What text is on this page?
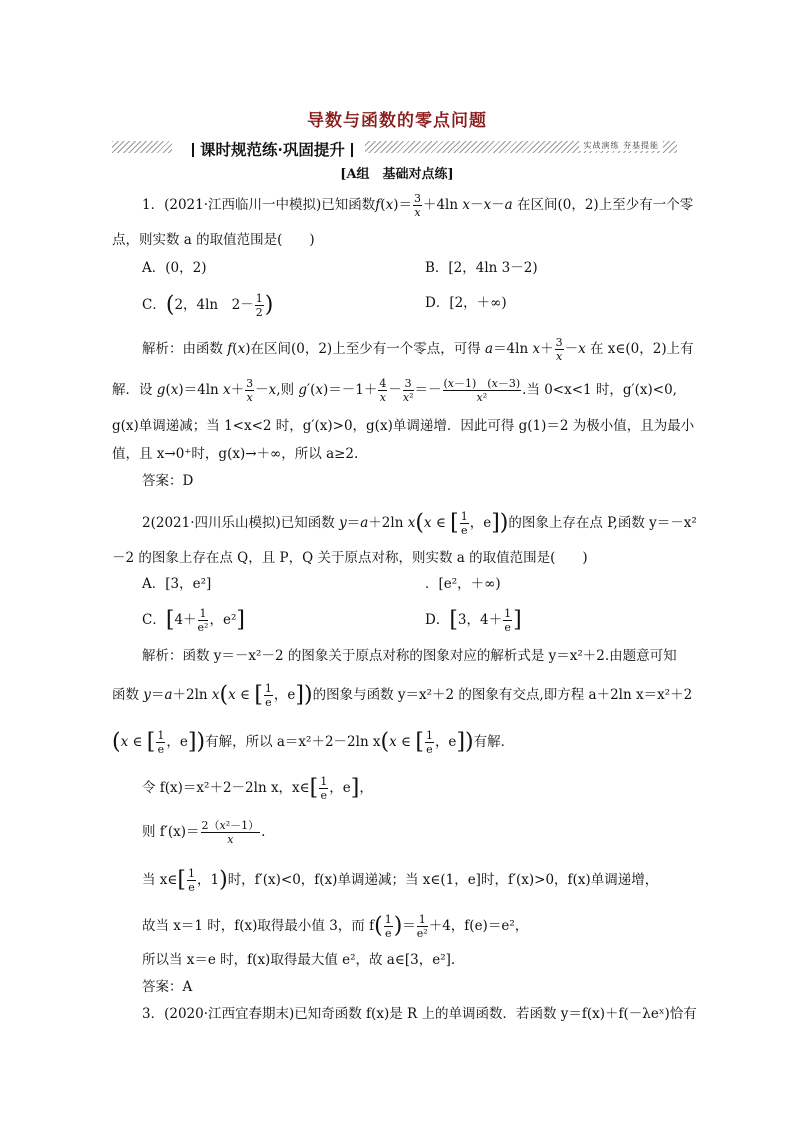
导数与函数的零点问题
课时规范练·巩固提升	实战演练 夯基提能
[A组　基础对点练]
1．(2021·江西临川一中模拟)已知函数$f(x)= \frac{3}{x} +4\ln$ x－x－a 在区间(0，2)上至少有一个零
点，则实数 a 的取值范围是(　　)
A．(0，2)	B．[2，4ln 3－2)
C．(2，4ln　$2- \frac{1}{2}$ )	D．[2，＋∞)
解析：由函数 f(x)在区间(0，2)上至少有一个零点，可得 a＝4ln $x+ \frac{3}{x} -x$ 在 x∈(0，2)上有
解．设 g(x)＝4ln $x+ \frac{3}{x} -x$,则 $g'(x)=-1+ \frac{4}{x} - \frac{3}{\text{x²}} =- \frac{(x-1) (x-3)}{\text{x²}}$ .当 0<x<1 时，g′(x)<0,
g(x)单调递减；当 1<x<2 时，g′(x)>0，g(x)单调递增．因此可得 g(1)＝2 为极小值，且为最小
值，且 x→0⁺时，g(x)→＋∞，所以 a≥2.
答案：D
2(2021·四川乐山模拟)已知函数 y＝a＋2ln x(x ∈ [ $\frac{1}{e}$ ，e])的图象上存在点 P,函数 y＝－x²
－2 的图象上存在点 Q，且 P，Q 关于原点对称，则实数 a 的取值范围是(　　)
A．[3，e²]	．[e²，＋∞)
C．[$4+ \frac{1}{\text{e²}}$ ，e²]	D．[3，$4+ \frac{1}{e}$ ]
解析：函数 y＝－x²－2 的图象关于原点对称的图象对应的解析式是 y＝x²＋2.由题意可知
函数 y＝a＋2ln x(x ∈ [ $\frac{1}{e}$ ，e])的图象与函数 y＝x²＋2 的图象有交点,即方程 a＋2ln x＝x²＋2
(x ∈ [ $\frac{1}{e}$ ，e])有解，所以 a＝x²＋2－2ln x(x ∈ [ $\frac{1}{e}$ ，e])有解．
令 f(x)＝x²＋2－2ln x，x∈[ $\frac{1}{e}$ ，e]，
则 $f'(x)= \frac{\text{2（x²－1）}}{x}$ .
当 x∈[ $\frac{1}{e}$ ，1)时，f′(x)<0，f(x)单调递减；当 x∈(1，e]时，f′(x)>0，f(x)单调递增，
故当 x＝1 时，f(x)取得最小值 3，而 $f( \frac{1}{e}$ )＝ $\frac{1}{\text{e²}} +4$，f(e)＝e²，
所以当 x＝e 时，f(x)取得最大值 e²，故 a∈[3，e²].
答案：A
3．(2020·江西宜春期末)已知奇函数 f(x)是 R 上的单调函数．若函数 y＝f(x)＋f(－λeˣ)恰有
